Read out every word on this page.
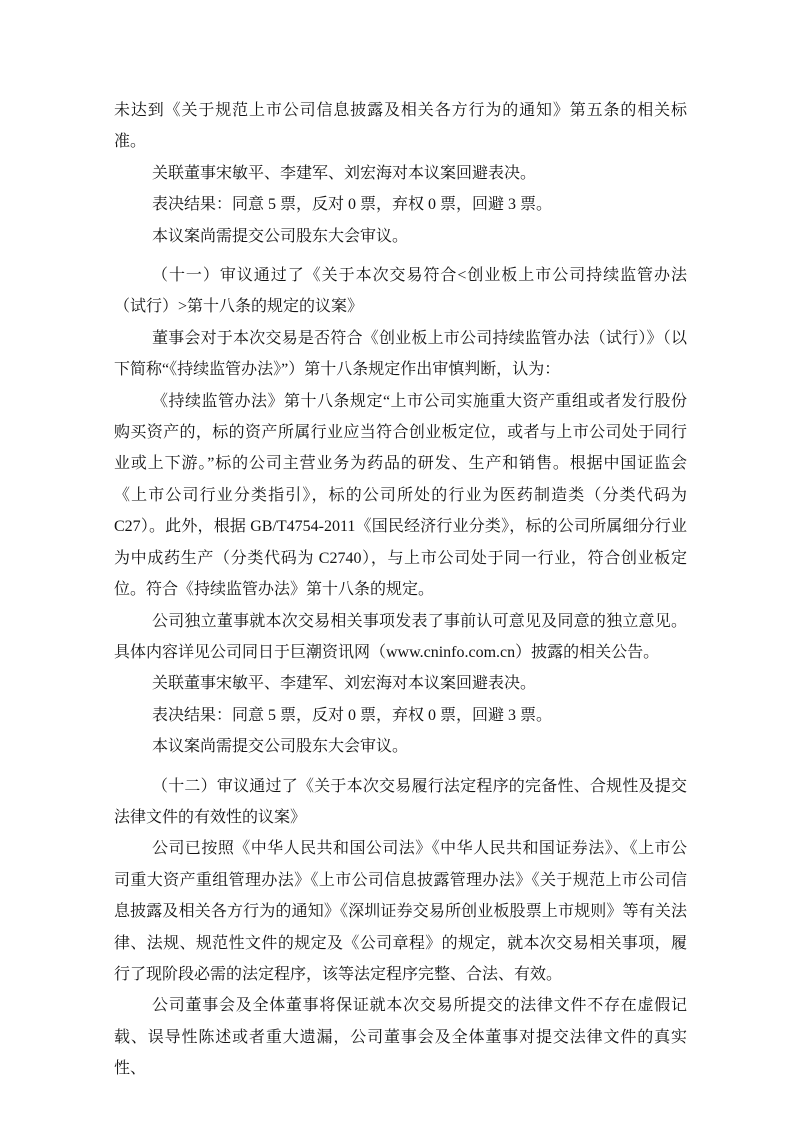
未达到《关于规范上市公司信息披露及相关各方行为的通知》第五条的相关标准。

关联董事宋敏平、李建军、刘宏海对本议案回避表决。

表决结果：同意 5 票，反对 0 票，弃权 0 票，回避 3 票。

本议案尚需提交公司股东大会审议。

（十一）审议通过了《关于本次交易符合<创业板上市公司持续监管办法（试行）>第十八条的规定的议案》

董事会对于本次交易是否符合《创业板上市公司持续监管办法（试行）》（以下简称“《持续监管办法》”）第十八条规定作出审慎判断，认为：

《持续监管办法》第十八条规定“上市公司实施重大资产重组或者发行股份购买资产的，标的资产所属行业应当符合创业板定位，或者与上市公司处于同行业或上下游。”标的公司主营业务为药品的研发、生产和销售。根据中国证监会《上市公司行业分类指引》，标的公司所处的行业为医药制造类（分类代码为 C27）。此外，根据 GB/T4754-2011《国民经济行业分类》，标的公司所属细分行业为中成药生产（分类代码为 C2740），与上市公司处于同一行业，符合创业板定位。符合《持续监管办法》第十八条的规定。

公司独立董事就本次交易相关事项发表了事前认可意见及同意的独立意见。具体内容详见公司同日于巨潮资讯网（www.cninfo.com.cn）披露的相关公告。

关联董事宋敏平、李建军、刘宏海对本议案回避表决。

表决结果：同意 5 票，反对 0 票，弃权 0 票，回避 3 票。

本议案尚需提交公司股东大会审议。

（十二）审议通过了《关于本次交易履行法定程序的完备性、合规性及提交法律文件的有效性的议案》

公司已按照《中华人民共和国公司法》《中华人民共和国证券法》、《上市公司重大资产重组管理办法》《上市公司信息披露管理办法》《关于规范上市公司信息披露及相关各方行为的通知》《深圳证券交易所创业板股票上市规则》等有关法律、法规、规范性文件的规定及《公司章程》的规定，就本次交易相关事项，履行了现阶段必需的法定程序，该等法定程序完整、合法、有效。

公司董事会及全体董事将保证就本次交易所提交的法律文件不存在虚假记载、误导性陈述或者重大遗漏，公司董事会及全体董事对提交法律文件的真实性、
